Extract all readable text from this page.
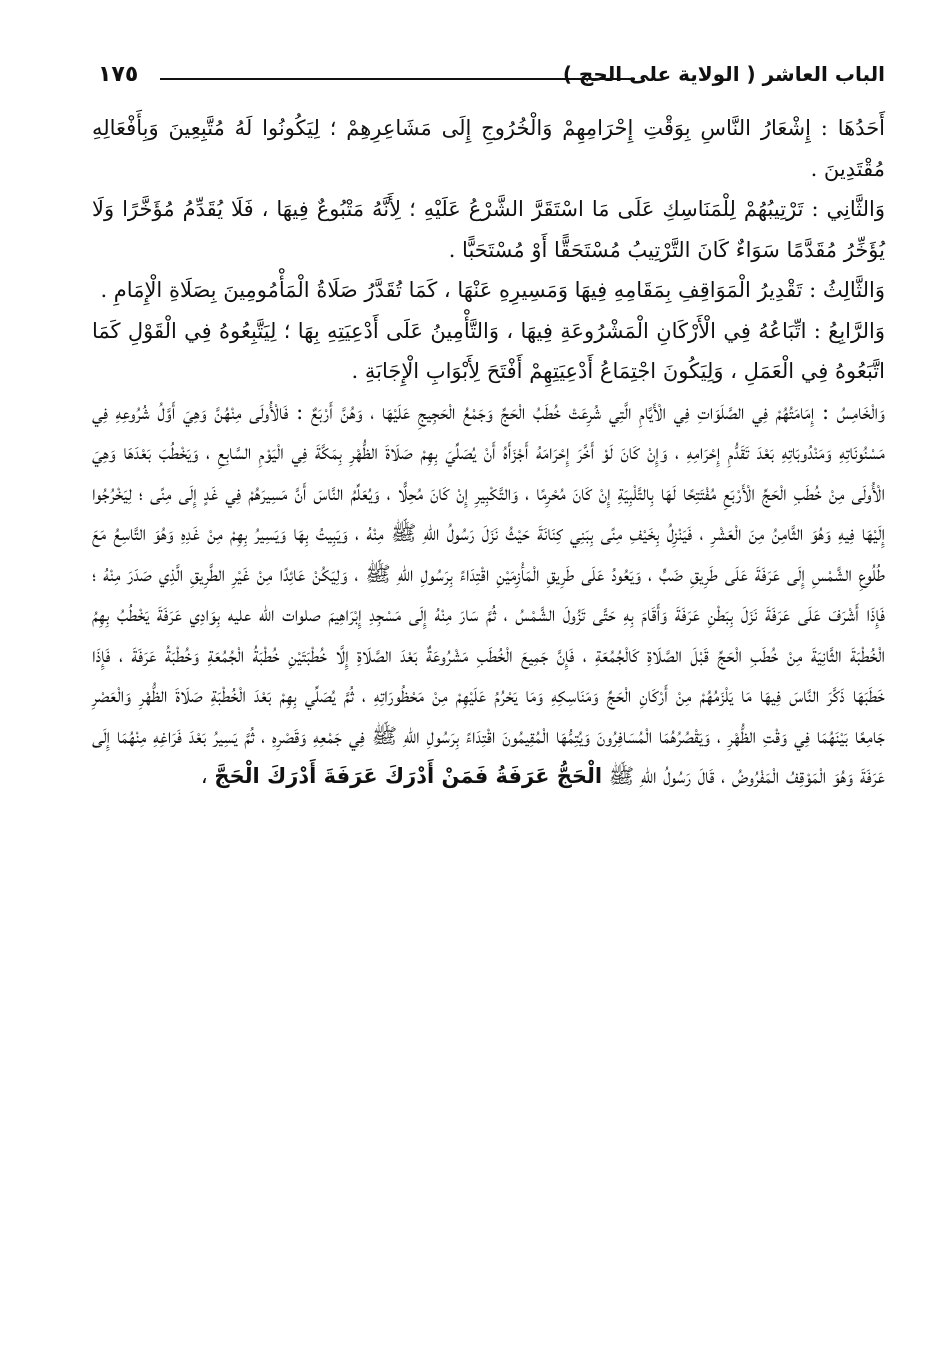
١٧٥	الباب العاشر ( الولاية على الحج )

أَحَدُهَا : إِشْعَارُ النَّاسِ بِوَقْتِ إِحْرَامِهِمْ وَالْخُرُوجِ إِلَى مَشَاعِرِهِمْ ؛ لِيَكُونُوا لَهُ مُتَّبِعِينَ وَبِأَفْعَالِهِ مُقْتَدِينَ .

وَالثَّانِي : تَرْتِيبُهُمْ لِلْمَنَاسِكِ عَلَى مَا اسْتَقَرَّ الشَّرْعُ عَلَيْهِ ؛ لِأَنَّهُ مَتْبُوعٌ فِيهَا ، فَلَا يُقَدِّمُ مُؤَخَّرًا وَلَا يُؤَخِّرُ مُقَدَّمًا سَوَاءٌ كَانَ التَّرْتِيبُ مُسْتَحَقًّا أَوْ مُسْتَحَبًّا .

وَالثَّالِثُ : تَقْدِيرُ الْمَوَاقِفِ بِمَقَامِهِ فِيهَا وَمَسِيرِهِ عَنْهَا ، كَمَا تُقَدَّرُ صَلَاةُ الْمَأْمُومِينَ بِصَلَاةِ الْإِمَامِ .

وَالرَّابِعُ : اتِّبَاعُهُ فِي الْأَرْكَانِ الْمَشْرُوعَةِ فِيهَا ، وَالتَّأْمِينُ عَلَى أَدْعِيَتِهِ بِهَا ؛ لِيَتَّبِعُوهُ فِي الْقَوْلِ كَمَا اتَّبَعُوهُ فِي الْعَمَلِ ، وَلِيَكُونَ اجْتِمَاعُ أَدْعِيَتِهِمْ أَفْتَحَ لِأَبْوَابِ الْإِجَابَةِ .

وَالْخَامِسُ : إِمَامَتُهُمْ فِي الصَّلَوَاتِ فِي الْأَيَّامِ الَّتِي شُرِعَتْ خُطَبُ الْحَجِّ وَجَمْعُ الْحَجِيجِ عَلَيْهَا ، وَهُنَّ أَرْبَعٌ : فَالْأُولَى مِنْهُنَّ وَهِيَ أَوَّلُ شُرُوعِهِ فِي مَسْنُونَاتِهِ وَمَنْدُوبَاتِهِ بَعْدَ تَقَدُّمِ إِحْرَامِهِ ، وَإِنْ كَانَ لَوْ أَخَّرَ إِحْرَامَهُ أَجْزَأَهُ أَنْ يُصَلِّيَ بِهِمْ صَلَاةَ الظُّهْرِ بِمَكَّةَ فِي الْيَوْمِ السَّابِعِ ، وَيَخْطُبَ بَعْدَهَا وَهِيَ الْأُولَى مِنْ خُطَبِ الْحَجِّ الْأَرْبَعِ مُفْتَتِحًا لَهَا بِالتَّلْبِيَةِ إِنْ كَانَ مُحْرِمًا ، وَالتَّكْبِيرِ إِنْ كَانَ مُحِلًّا ، وَيُعَلِّمُ النَّاسَ أَنَّ مَسِيرَهُمْ فِي غَدٍ إِلَى مِنًى ؛ لِيَخْرُجُوا إِلَيْهَا فِيهِ وَهُوَ الثَّامِنُ مِنَ الْعَشْرِ ، فَيَنْزِلُ بِخَيْفِ مِنًى بِبَنِي كِنَانَةَ حَيْثُ نَزَلَ رَسُولُ اللهِ ﷺ مِنْهُ ، وَيَبِيتُ بِهَا وَيَسِيرُ بِهِمْ مِنْ غَدِهِ وَهُوَ التَّاسِعُ مَعَ طُلُوعِ الشَّمْسِ إِلَى عَرَفَةَ عَلَى طَرِيقِ ضَبٍّ ، وَيَعُودُ عَلَى طَرِيقِ الْمَأْزِمَيْنِ اقْتِدَاءً بِرَسُولِ اللهِ ﷺ ، وَلِيَكُنْ عَائِدًا مِنْ غَيْرِ الطَّرِيقِ الَّذِي صَدَرَ مِنْهُ ؛ فَإِذَا أَشْرَفَ عَلَى عَرَفَةَ نَزَلَ بِبَطْنِ عَرَفَةَ وَأَقَامَ بِهِ حَتَّى تَزُولَ الشَّمْسُ ، ثُمَّ سَارَ مِنْهُ إِلَى مَسْجِدِ إِبْرَاهِيمَ صلوات الله عليه بِوَادِي عَرَفَةَ يَخْطُبُ بِهِمُ الْخُطْبَةَ الثَّانِيَةَ مِنْ خُطَبِ الْحَجِّ قَبْلَ الصَّلَاةِ كَالْجُمُعَةِ ، فَإِنَّ جَمِيعَ الْخُطَبِ مَشْرُوعَةٌ بَعْدَ الصَّلَاةِ إِلَّا خُطْبَتَيْنِ خُطْبَةُ الْجُمُعَةِ وَخُطْبَةُ عَرَفَةَ ، فَإِذَا خَطَبَهَا ذَكَّرَ النَّاسَ فِيهَا مَا يَلْزَمُهُمْ مِنْ أَرْكَانِ الْحَجِّ وَمَنَاسِكِهِ وَمَا يَحْرُمُ عَلَيْهِمْ مِنْ مَحْظُورَاتِهِ ، ثُمَّ يُصَلِّي بِهِمْ بَعْدَ الْخُطْبَةِ صَلَاةَ الظُّهْرِ وَالْعَصْرِ جَامِعًا بَيْنَهُمَا فِي وَقْتِ الظُّهْرِ ، وَيَقْصُرُهُمَا الْمُسَافِرُونَ وَيُتِمُّهَا الْمُقِيمُونَ اقْتِدَاءً بِرَسُولِ اللهِ ﷺ فِي جَمْعِهِ وَقَصْرِهِ ، ثُمَّ يَسِيرُ بَعْدَ فَرَاغِهِ مِنْهُمَا إِلَى عَرَفَةَ وَهُوَ الْمَوْقِفُ الْمَفْرُوضُ ، قَالَ رَسُولُ اللهِ ﷺ الْحَجُّ عَرَفَةُ فَمَنْ أَدْرَكَ عَرَفَةَ أَدْرَكَ الْحَجَّ ،
